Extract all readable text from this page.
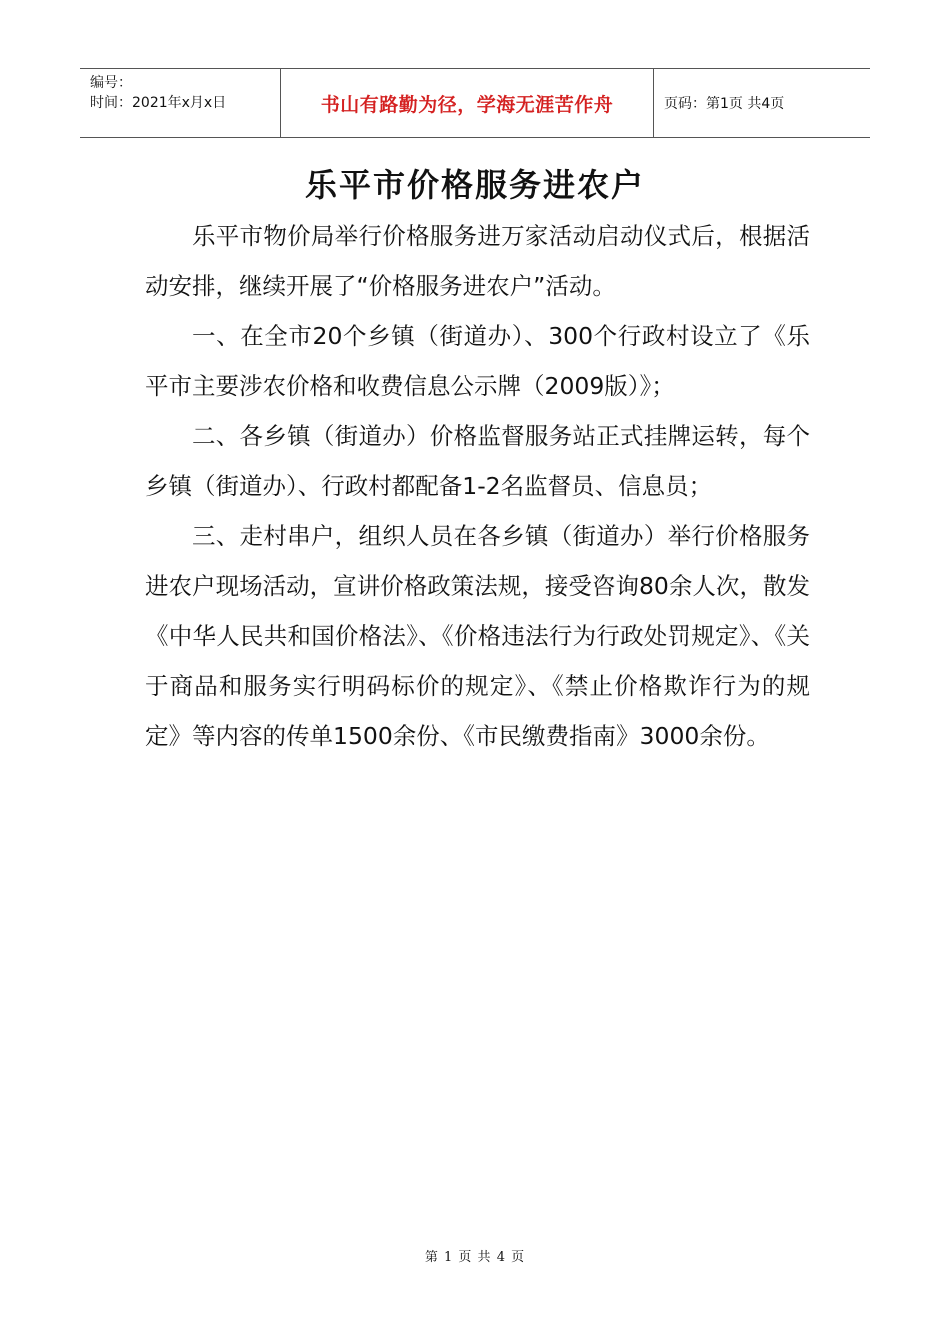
编号：
时间：2021年x月x日	书山有路勤为径，学海无涯苦作舟	页码：第1页 共4页
乐平市价格服务进农户

乐平市物价局举行价格服务进万家活动启动仪式后，根据活动安排，继续开展了“价格服务进农户”活动。

一、在全市20个乡镇（街道办）、300个行政村设立了《乐平市主要涉农价格和收费信息公示牌（2009版）》；

二、各乡镇（街道办）价格监督服务站正式挂牌运转，每个乡镇（街道办）、行政村都配备1-2名监督员、信息员；

三、走村串户，组织人员在各乡镇（街道办）举行价格服务进农户现场活动，宣讲价格政策法规，接受咨询80余人次，散发《中华人民共和国价格法》、《价格违法行为行政处罚规定》、《关于商品和服务实行明码标价的规定》、《禁止价格欺诈行为的规定》等内容的传单1500余份、《市民缴费指南》3000余份。

第 1 页 共 4 页
